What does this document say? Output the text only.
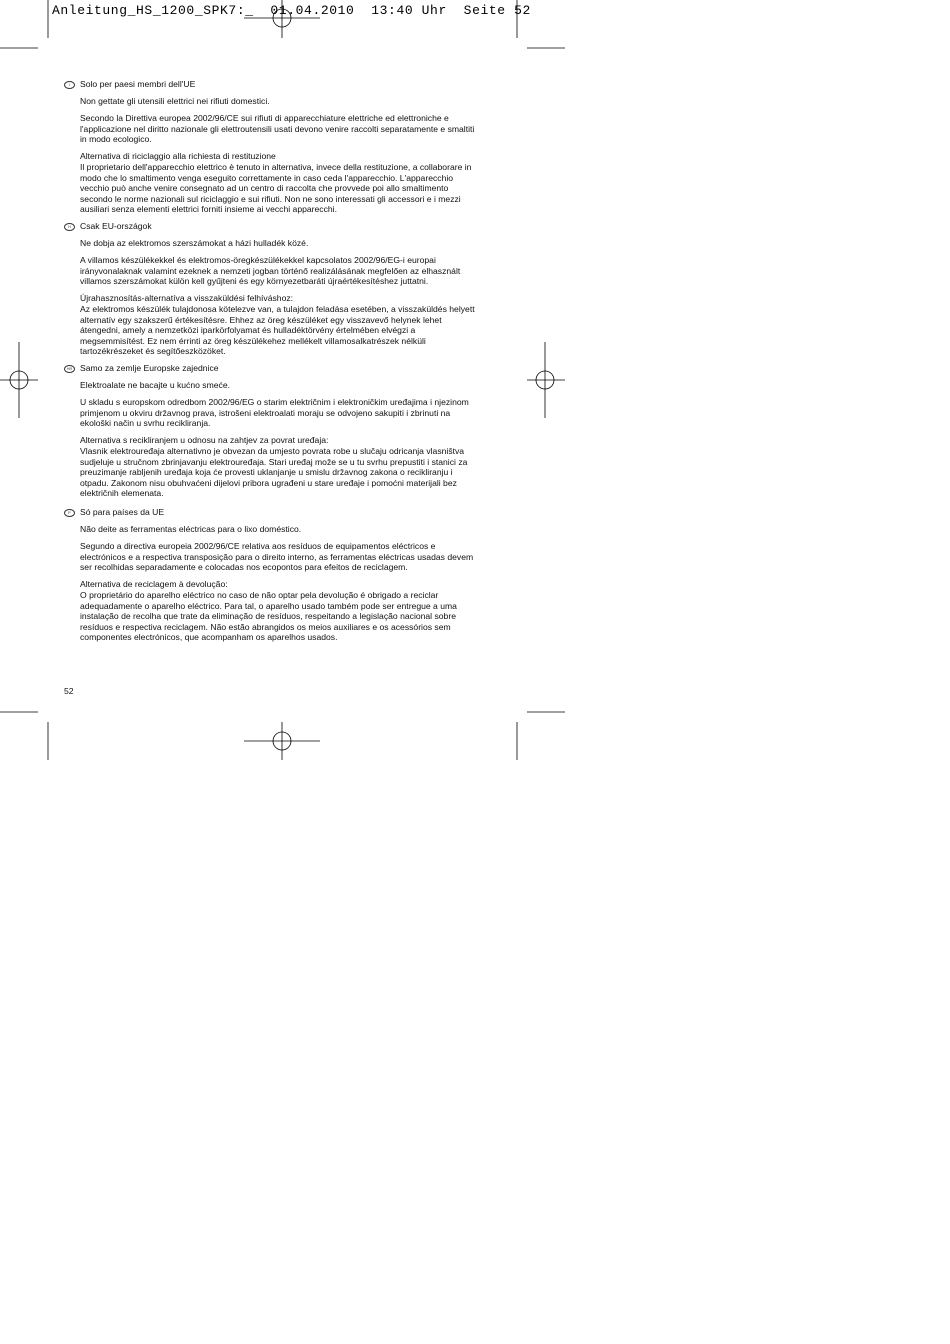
Anleitung_HS_1200_SPK7:_  01.04.2010  13:40 Uhr  Seite 52
I	Solo per paesi membri dell'UE

Non gettate gli utensili elettrici nei rifiuti domestici.

Secondo la Direttiva europea 2002/96/CE sui rifiuti di apparecchiature elettriche ed elettroniche e
l'applicazione nel diritto nazionale gli elettroutensili usati devono venire raccolti separatamente e smaltiti
in modo ecologico.

Alternativa di riciclaggio alla richiesta di restituzione
Il proprietario dell'apparecchio elettrico è tenuto in alternativa, invece della restituzione, a collaborare in
modo che lo smaltimento venga eseguito correttamente in caso ceda l'apparecchio. L'apparecchio
vecchio può anche venire consegnato ad un centro di raccolta che provvede poi allo smaltimento
secondo le norme nazionali sul riciclaggio e sui rifiuti. Non ne sono interessati gli accessori e i mezzi
ausiliari senza elementi elettrici forniti insieme ai vecchi apparecchi.

H	Csak EU-országok

Ne dobja az elektromos szerszámokat a házi hulladék közé.

A villamos készülékekkel és elektromos-öregkészülékekkel kapcsolatos 2002/96/EG-i europai
irányvonalaknak valamint ezeknek a nemzeti jogban történő realizálásának megfelően az elhasznált
villamos szerszámokat külön kell gyűjteni és egy környezetbaráti újraértékesítéshez juttatni.

Újrahasznosítás-alternatíva a visszaküldési felhíváshoz:
Az elektromos készülék tulajdonosa kötelezve van, a tulajdon feladása esetében, a visszaküldés helyett
alternatív egy szakszerű értékesítésre. Ehhez az öreg készüléket egy visszavevő helynek lehet
átengedni, amely a nemzetközi iparkörfolyamat és hulladéktörvény értelmében elvégzi a
megsemmisítést. Ez nem érrinti az öreg készülékehez mellékelt villamosalkatrészek nélküli
tartozékrészeket és segítőeszközöket.

HR Samo za zemlje Europske zajednice

Elektroalate ne bacajte u kućno smeće.

U skladu s europskom odredbom 2002/96/EG o starim električnim i elektroničkim uređajima i njezinom
primjenom u okviru državnog prava, istrošeni elektroalati moraju se odvojeno sakupiti i zbrinuti na
ekološki način u svrhu recikliranja.

Alternativa s recikliranjem u odnosu na zahtjev za povrat uređaja:
Vlasnik elektrouređaja alternativno je obvezan da umjesto povrata robe u slučaju odricanja vlasništva
sudjeluje u stručnom zbrinjavanju elektrouređaja. Stari uređaj može se u tu svrhu prepustiti i stanici za
preuzimanje rabljenih uređaja koja će provesti uklanjanje u smislu državnog zakona o recikliranju i
otpadu. Zakonom nisu obuhvaćeni dijelovi pribora ugrađeni u stare uređaje i pomoćni materijali bez
električnih elemenata.

P	Só para países da UE

Não deite as ferramentas eléctricas para o lixo doméstico.

Segundo a directiva europeia 2002/96/CE relativa aos resíduos de equipamentos eléctricos e
electrónicos e a respectiva transposição para o direito interno, as ferramentas eléctricas usadas devem
ser recolhidas separadamente e colocadas nos ecopontos para efeitos de reciclagem.

Alternativa de reciclagem à devolução:
O proprietário do aparelho eléctrico no caso de não optar pela devolução é obrigado a reciclar
adequadamente o aparelho eléctrico. Para tal, o aparelho usado também pode ser entregue a uma
instalação de recolha que trate da eliminação de resíduos, respeitando a legislação nacional sobre
resíduos e respectiva reciclagem. Não estão abrangidos os meios auxiliares e os acessórios sem
componentes electrónicos, que acompanham os aparelhos usados.

52
